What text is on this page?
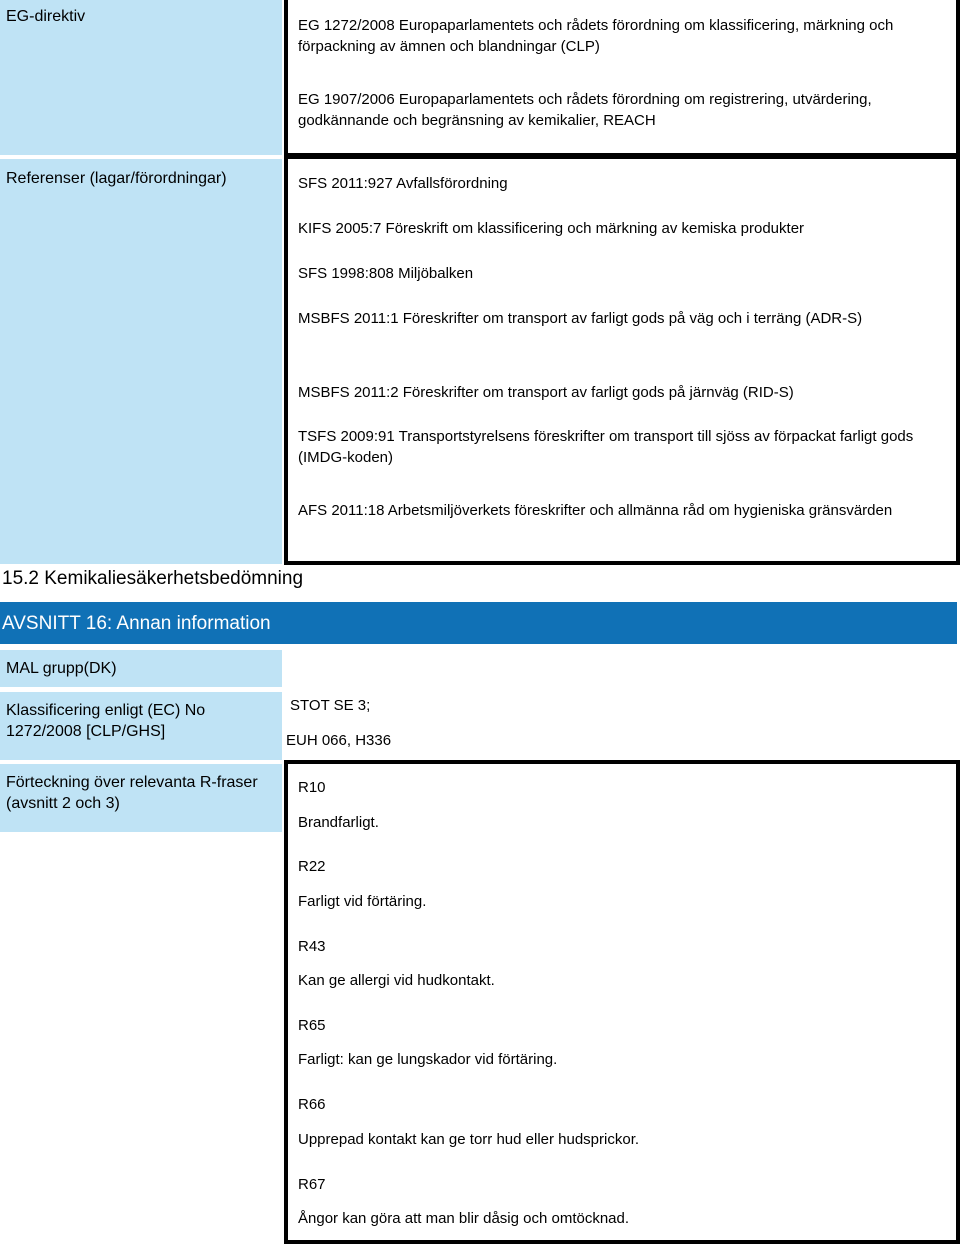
EG-direktiv
EG 1272/2008 Europaparlamentets och rådets förordning om klassificering, märkning och förpackning av ämnen och blandningar (CLP)
EG 1907/2006 Europaparlamentets och rådets förordning om registrering, utvärdering, godkännande och begränsning av kemikalier, REACH
Referenser (lagar/förordningar)	SFS 2011:927 Avfallsförordning
KIFS 2005:7 Föreskrift om klassificering och märkning av kemiska produkter
SFS 1998:808 Miljöbalken
MSBFS 2011:1 Föreskrifter om transport av farligt gods på väg och i terräng (ADR-S)
MSBFS 2011:2 Föreskrifter om transport av farligt gods på järnväg (RID-S)
TSFS 2009:91 Transportstyrelsens föreskrifter om transport till sjöss av förpackat farligt gods (IMDG-koden)
AFS 2011:18 Arbetsmiljöverkets föreskrifter och allmänna råd om hygieniska gränsvärden
15.2 Kemikaliesäkerhetsbedömning
AVSNITT 16: Annan information
MAL grupp(DK)
Klassificering enligt (EC) No 1272/2008 [CLP/GHS]
STOT SE 3;
EUH 066, H336
Förteckning över relevanta R-fraser (avsnitt 2 och 3)
R10
Brandfarligt.
R22
Farligt vid förtäring.
R43
Kan ge allergi vid hudkontakt.
R65
Farligt: kan ge lungskador vid förtäring.
R66
Upprepad kontakt kan ge torr hud eller hudsprickor.
R67
Ångor kan göra att man blir dåsig och omtöcknad.
